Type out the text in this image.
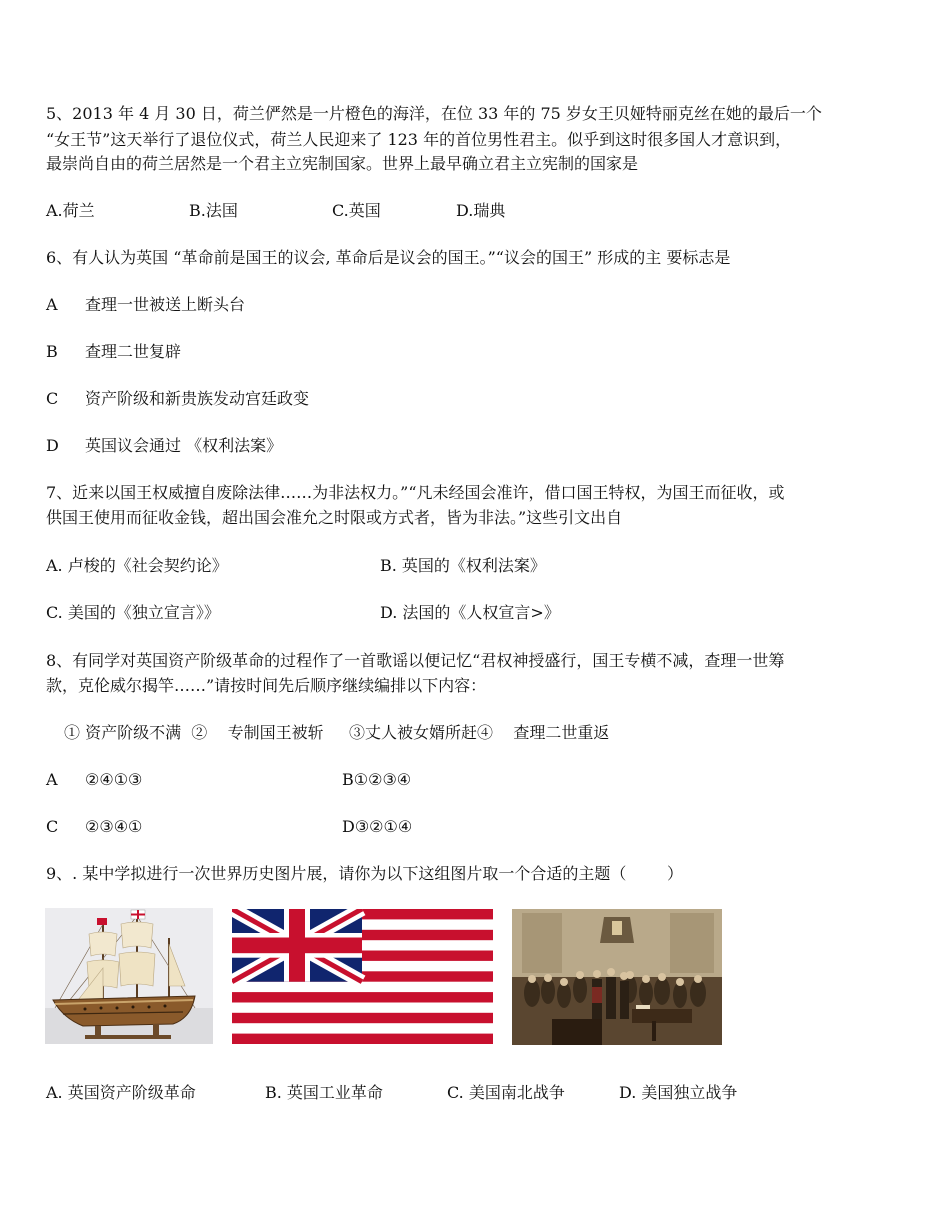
5、2013 年 4 月 30 日，荷兰俨然是一片橙色的海洋，在位 33 年的 75 岁女王贝娅特丽克丝在她的最后一个
“女王节”这天举行了退位仪式，荷兰人民迎来了 123 年的首位男性君主。似乎到这时很多国人才意识到，
最崇尚自由的荷兰居然是一个君主立宪制国家。世界上最早确立君主立宪制的国家是
A.荷兰	B.法国	C.英国	D.瑞典
6、有人认为英国 “革命前是国王的议会, 革命后是议会的国王。”“议会的国王” 形成的主 要标志是
A 查理一世被送上断头台
B 查理二世复辟
C 资产阶级和新贵族发动宫廷政变
D 英国议会通过 《权利法案》
7、近来以国王权威擅自废除法律……为非法权力。”“凡未经国会准许，借口国王特权，为国王而征收，或
供国王使用而征收金钱，超出国会准允之时限或方式者，皆为非法。”这些引文出自
A. 卢梭的《社会契约论》	B. 英国的《权利法案》
C. 美国的《独立宣言》》	D. 法国的《人权宣言>》
8、有同学对英国资产阶级革命的过程作了一首歌谣以便记忆“君权神授盛行，国王专横不减，查理一世筹
款，克伦威尔揭竿……”请按时间先后顺序继续编排以下内容：
① 资产阶级不满  ②    专制国王被斩     ③丈人被女婿所赶④    查理二世重返
A ②④①③	B①②③④
C ②③④①	D③②①④
9、. 某中学拟进行一次世界历史图片展，请你为以下这组图片取一个合适的主题（        ）
A. 英国资产阶级革命	B. 英国工业革命	C. 美国南北战争	D. 美国独立战争
